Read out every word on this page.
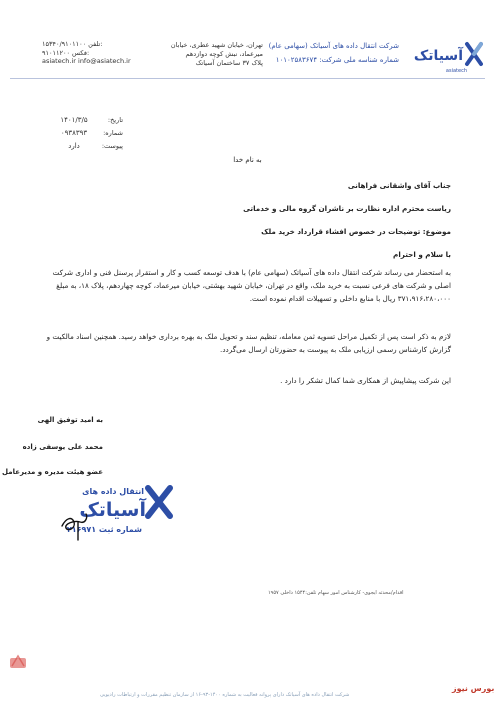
آسیاتک
asiatech
شرکت انتقال داده های آسیاتک (سهامی عام)
شماره شناسه ملی شرکت: ۱۰۱۰۲۵۸۳۶۷۴
تهران، خیابان شهید عطری، خیابان
میرعماد، نبش کوچه دوازدهم
پلاک ۳۷ ساختمان آسیاتک
۱۵۳۴۰/۹۱۰۱۱۰۰ تلفن:
۹۱۰۱۱۲۰۰ فکس:
asiatech.ir info@asiatech.ir
۱۴۰۱/۳/۵	تاریخ:
۰۹۳۸۳۹۳	شماره:
دارد	پیوست:
به نام خدا
جناب آقای واشقانی فراهانی
ریاست محترم اداره نظارت بر ناشران گروه مالی و خدماتی
موضوع: توضیحات در خصوص افشاء قرارداد خرید ملک
با سلام و احترام
به استحضار می رساند شرکت انتقال داده های آسیاتک (سهامی عام) با هدف توسعه کسب و کار و استقرار پرسنل فنی و اداری شرکت اصلی و شرکت های فرعی نسبت به خرید ملک، واقع در تهران، خیابان شهید بهشتی، خیابان میرعماد، کوچه چهاردهم، پلاک ۱۸، به مبلغ ۳۷۱،۹۱۶،۲۸۰،۰۰۰ ریال با منابع داخلی و تسهیلات اقدام نموده است.
لازم به ذکر است پس از تکمیل مراحل تسویه ثمن معامله، تنظیم سند و تحویل ملک به بهره برداری خواهد رسید. همچنین اسناد مالکیت و گزارش کارشناس رسمی ارزیابی ملک به پیوست به حضورتان ارسال می‌گردد.
این شرکت پیشاپیش از همکاری شما کمال تشکر را دارد .
به امید توفیق الهی
محمد علی یوسفی زاده
عضو هیئت مدیره و مدیرعامل
انتقال داده های
آسیاتک
شماره ثبت ۲۱۶۹۷۱
اقدام/محدثه ایجوی- کارشناس امور سهام تلفن:۱۵۴۴ داخلی ۱۹۵۷
شرکت انتقال داده های آسیاتک دارای پروانه فعالیت به شماره ۱۴۰۰-۹۳-۱۶ از سازمان تنظیم مقررات و ارتباطات رادیویی
بورس نیوز
